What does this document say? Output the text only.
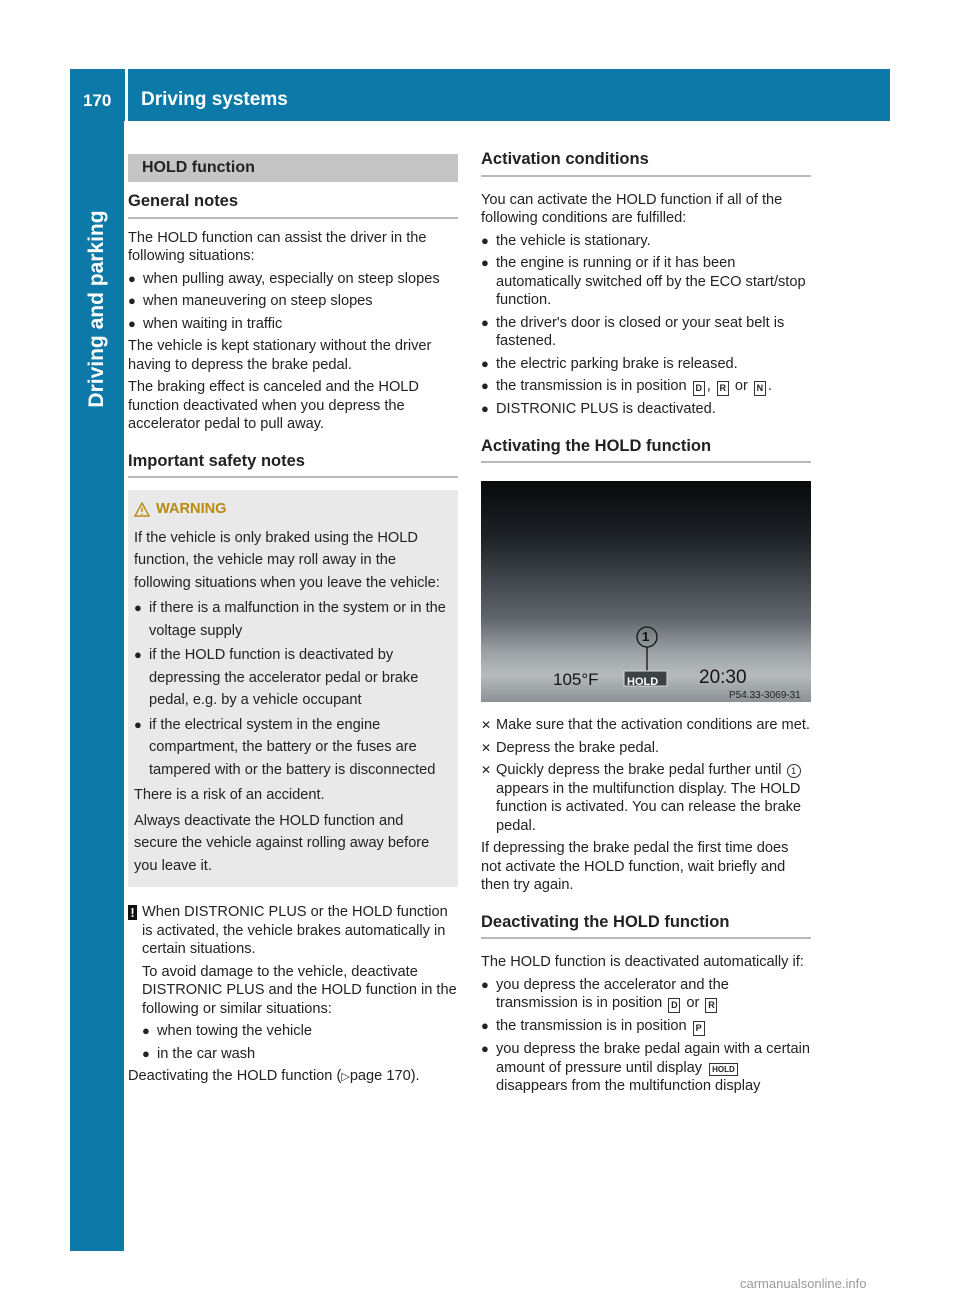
170 Driving systems
Driving and parking
HOLD function
General notes

The HOLD function can assist the driver in the following situations:

● when pulling away, especially on steep slopes
● when maneuvering on steep slopes
● when waiting in traffic

The vehicle is kept stationary without the driver having to depress the brake pedal.

The braking effect is canceled and the HOLD function deactivated when you depress the accelerator pedal to pull away.

Important safety notes
WARNING

If the vehicle is only braked using the HOLD function, the vehicle may roll away in the following situations when you leave the vehicle:

● if there is a malfunction in the system or in the voltage supply
● if the HOLD function is deactivated by depressing the accelerator pedal or brake pedal, e.g. by a vehicle occupant
● if the electrical system in the engine compartment, the battery or the fuses are tampered with or the battery is disconnected

There is a risk of an accident.

Always deactivate the HOLD function and secure the vehicle against rolling away before you leave it.

! When DISTRONIC PLUS or the HOLD function is activated, the vehicle brakes automatically in certain situations.

To avoid damage to the vehicle, deactivate DISTRONIC PLUS and the HOLD function in the following or similar situations:

● when towing the vehicle
● in the car wash

Deactivating the HOLD function (▷page 170).

Activation conditions

You can activate the HOLD function if all of the following conditions are fulfilled:

● the vehicle is stationary.
● the engine is running or if it has been automatically switched off by the ECO start/stop function.
● the driver's door is closed or your seat belt is fastened.
● the electric parking brake is released.
● the transmission is in position D , R or N .
● DISTRONIC PLUS is deactivated.
Activating the HOLD function
1
105°F	HOLD 20:30
P54.33-3069-31
✕ Make sure that the activation conditions are met.
✕ Depress the brake pedal.
✕ Quickly depress the brake pedal further until 1 appears in the multifunction display. The HOLD function is activated. You can release the brake pedal.

If depressing the brake pedal the first time does not activate the HOLD function, wait briefly and then try again.

Deactivating the HOLD function

The HOLD function is deactivated automatically if:

● you depress the accelerator and the transmission is in position D or R
● the transmission is in position P
● you depress the brake pedal again with a certain amount of pressure until display HOLD disappears from the multifunction display
carmanualsonline.info
